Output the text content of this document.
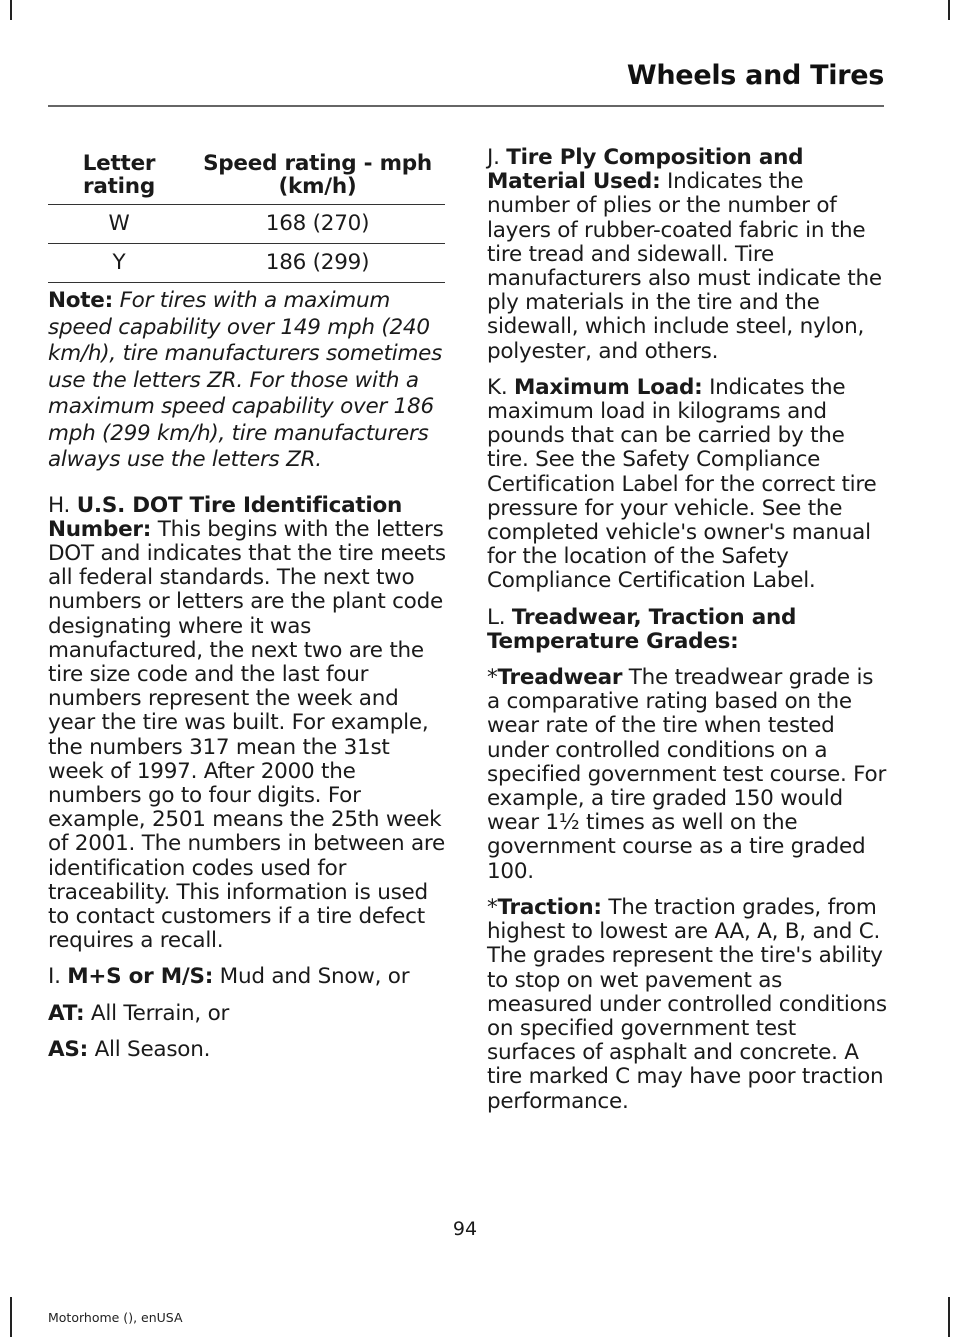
Wheels and Tires
Letter rating	Speed rating - mph (km/h)
W	168 (270)
Y	186 (299)

Note: For tires with a maximum speed capability over 149 mph (240 km/h), tire manufacturers sometimes use the letters ZR. For those with a maximum speed capability over 186 mph (299 km/h), tire manufacturers always use the letters ZR.

H. U.S. DOT Tire Identification Number: This begins with the letters DOT and indicates that the tire meets all federal standards. The next two numbers or letters are the plant code designating where it was manufactured, the next two are the tire size code and the last four numbers represent the week and year the tire was built. For example, the numbers 317 mean the 31st week of 1997. After 2000 the numbers go to four digits. For example, 2501 means the 25th week of 2001. The numbers in between are identification codes used for traceability. This information is used to contact customers if a tire defect requires a recall.

I. M+S or M/S: Mud and Snow, or

AT: All Terrain, or

AS: All Season.

J. Tire Ply Composition and Material Used: Indicates the number of plies or the number of layers of rubber-coated fabric in the tire tread and sidewall. Tire manufacturers also must indicate the ply materials in the tire and the sidewall, which include steel, nylon, polyester, and others.

K. Maximum Load: Indicates the maximum load in kilograms and pounds that can be carried by the tire. See the Safety Compliance Certification Label for the correct tire pressure for your vehicle. See the completed vehicle's owner's manual for the location of the Safety Compliance Certification Label.

L. Treadwear, Traction and Temperature Grades:

*Treadwear The treadwear grade is a comparative rating based on the wear rate of the tire when tested under controlled conditions on a specified government test course. For example, a tire graded 150 would wear 1½ times as well on the government course as a tire graded 100.

*Traction: The traction grades, from highest to lowest are AA, A, B, and C. The grades represent the tire's ability to stop on wet pavement as measured under controlled conditions on specified government test surfaces of asphalt and concrete. A tire marked C may have poor traction performance.

94
Motorhome (), enUSA
